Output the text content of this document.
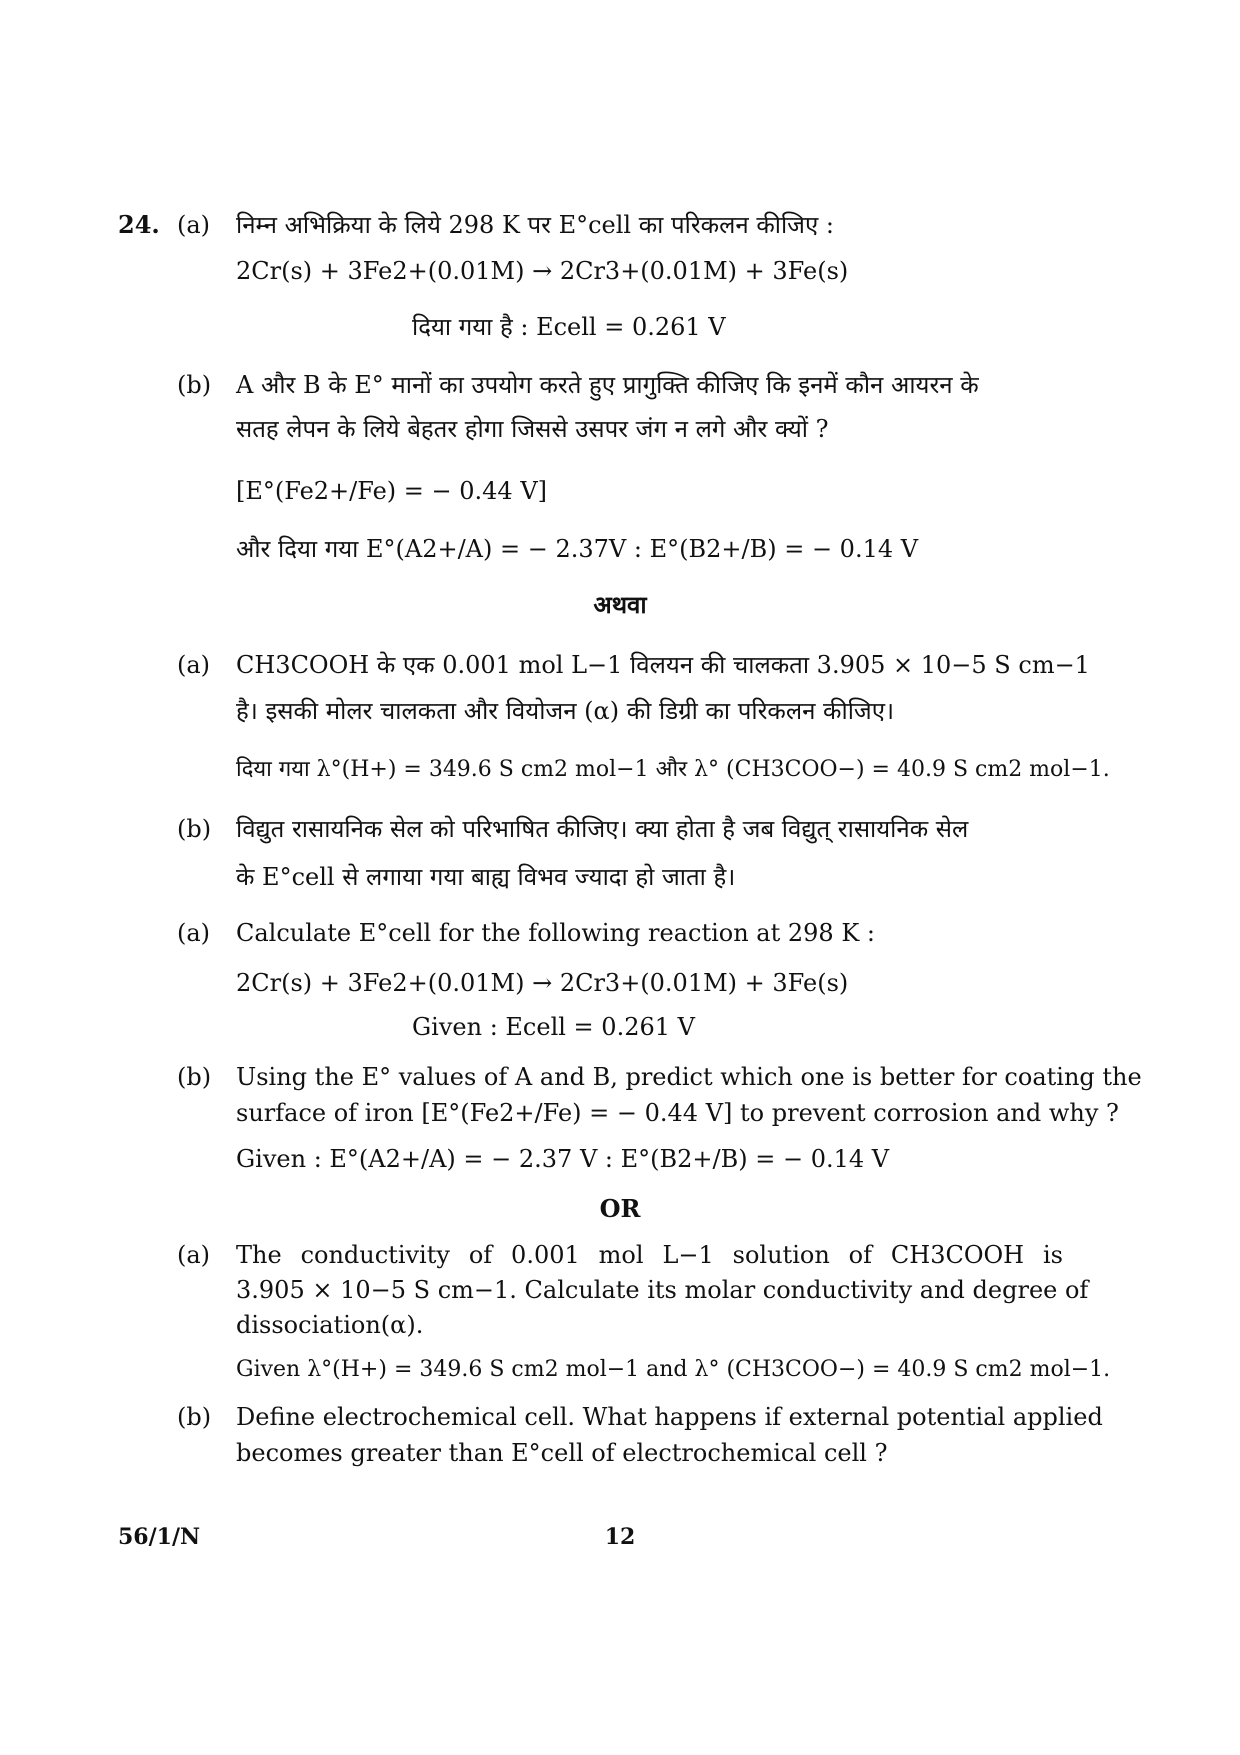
24. (a) निम्न अभिक्रिया के लिये 298 K पर E°cell का परिकलन कीजिए :
2Cr(s) + 3Fe2+(0.01M) → 2Cr3+(0.01M) + 3Fe(s)
दिया गया है : Ecell = 0.261 V
(b) A और B के E° मानों का उपयोग करते हुए प्रागुक्ति कीजिए कि इनमें कौन आयरन के
सतह लेपन के लिये बेहतर होगा जिससे उसपर जंग न लगे और क्यों ?
[E°(Fe2+/Fe) = − 0.44 V]
और दिया गया E°(A2+/A) = − 2.37V : E°(B2+/B) = − 0.14 V
अथवा
(a) CH3COOH के एक 0.001 mol L−1 विलयन की चालकता 3.905 × 10−5 S cm−1
है। इसकी मोलर चालकता और वियोजन (α) की डिग्री का परिकलन कीजिए।
दिया गया λ°(H+) = 349.6 S cm2 mol−1 और λ° (CH3COO−) = 40.9 S cm2 mol−1.
(b) विद्युत रासायनिक सेल को परिभाषित कीजिए। क्या होता है जब विद्युत् रासायनिक सेल
के E°cell से लगाया गया बाह्य विभव ज्यादा हो जाता है।
(a) Calculate E°cell for the following reaction at 298 K :
2Cr(s) + 3Fe2+(0.01M) → 2Cr3+(0.01M) + 3Fe(s)
Given : Ecell = 0.261 V
(b) Using the E° values of A and B, predict which one is better for coating the
surface of iron [E°(Fe2+/Fe) = − 0.44 V] to prevent corrosion and why ?
Given : E°(A2+/A) = − 2.37 V : E°(B2+/B) = − 0.14 V
OR
(a) The conductivity of 0.001 mol L−1 solution of CH3COOH is
3.905 × 10−5 S cm−1. Calculate its molar conductivity and degree of
dissociation(α).
Given λ°(H+) = 349.6 S cm2 mol−1 and λ° (CH3COO−) = 40.9 S cm2 mol−1.
(b) Define electrochemical cell. What happens if external potential applied
becomes greater than E°cell of electrochemical cell ?
56/1/N	12
